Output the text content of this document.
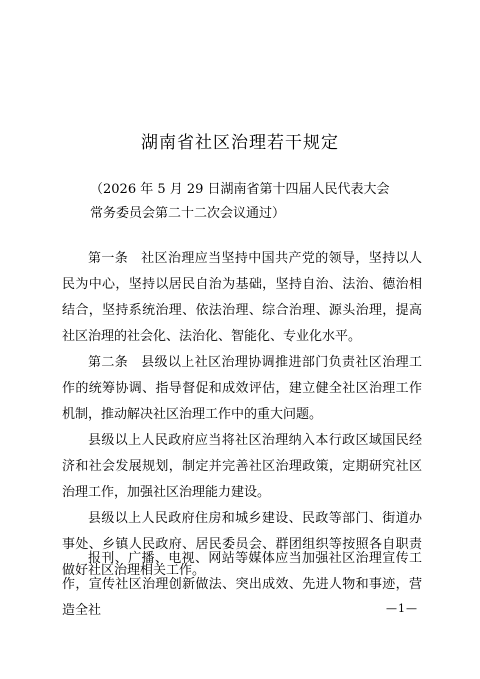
湖南省社区治理若干规定
（2026 年 5 月 29 日湖南省第十四届人民代表大会
常务委员会第二十二次会议通过）
第一条 社区治理应当坚持中国共产党的领导，坚持以人民为中心，坚持以居民自治为基础，坚持自治、法治、德治相结合，坚持系统治理、依法治理、综合治理、源头治理，提高社区治理的社会化、法治化、智能化、专业化水平。
第二条 县级以上社区治理协调推进部门负责社区治理工作的统筹协调、指导督促和成效评估，建立健全社区治理工作机制，推动解决社区治理工作中的重大问题。
县级以上人民政府应当将社区治理纳入本行政区域国民经济和社会发展规划，制定并完善社区治理政策，定期研究社区治理工作，加强社区治理能力建设。
县级以上人民政府住房和城乡建设、民政等部门、街道办事处、乡镇人民政府、居民委员会、群团组织等按照各自职责做好社区治理相关工作。
报刊、广播、电视、网站等媒体应当加强社区治理宣传工作，宣传社区治理创新做法、突出成效、先进人物和事迹，营造全社	—1—
